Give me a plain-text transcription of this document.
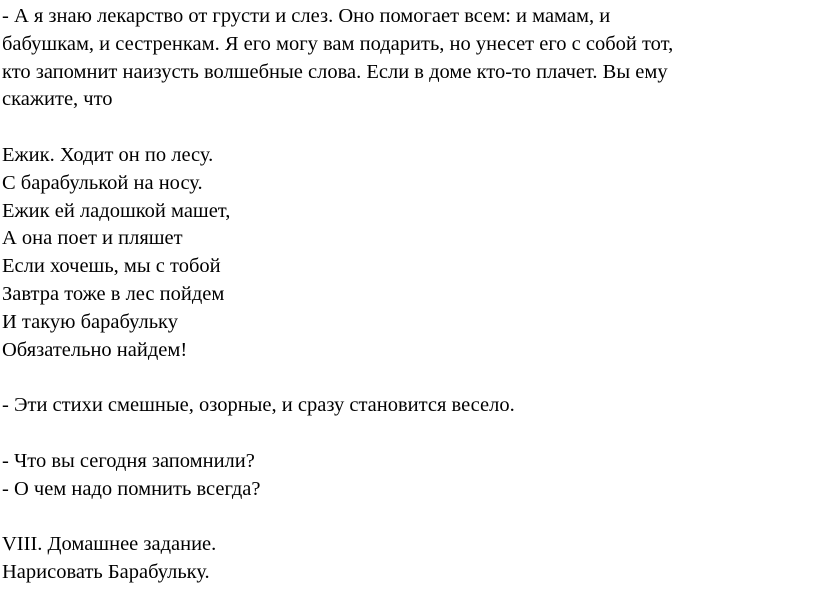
- А я знаю лекарство от грусти и слез. Оно помогает всем: и мамам, и
бабушкам, и сестренкам. Я его могу вам подарить, но унесет его с собой тот,
кто запомнит наизусть волшебные слова. Если в доме кто-то плачет. Вы ему
скажите, что
Ежик. Ходит он по лесу.
С барабулькой на носу.
Ежик ей ладошкой машет,
А она поет и пляшет
Если хочешь, мы с тобой
Завтра тоже в лес пойдем
И такую барабульку
Обязательно найдем!
- Эти стихи смешные, озорные, и сразу становится весело.
- Что вы сегодня запомнили?
- О чем надо помнить всегда?
VIII. Домашнее задание.
Нарисовать Барабульку.
